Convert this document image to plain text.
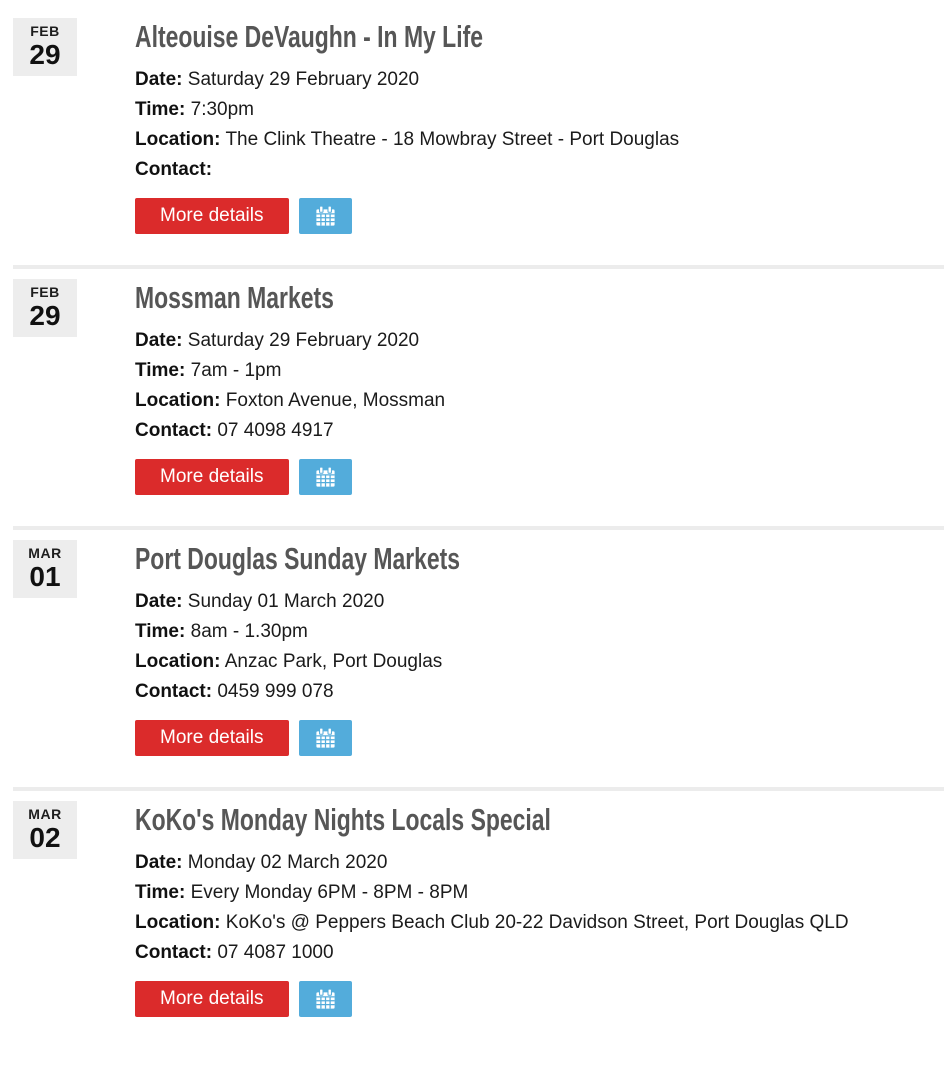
FEB
29
Alteouise DeVaughn - In My Life

Date: Saturday 29 February 2020

Time: 7:30pm

Location: The Clink Theatre - 18 Mowbray Street - Port Douglas

Contact:

More details
FEB
29
Mossman Markets

Date: Saturday 29 February 2020

Time: 7am - 1pm

Location: Foxton Avenue, Mossman

Contact: 07 4098 4917

More details
MAR
01
Port Douglas Sunday Markets

Date: Sunday 01 March 2020

Time: 8am - 1.30pm

Location: Anzac Park, Port Douglas

Contact: 0459 999 078

More details
MAR
02
KoKo's Monday Nights Locals Special

Date: Monday 02 March 2020

Time: Every Monday 6PM - 8PM - 8PM

Location: KoKo's @ Peppers Beach Club 20-22 Davidson Street, Port Douglas QLD

Contact: 07 4087 1000

More details
